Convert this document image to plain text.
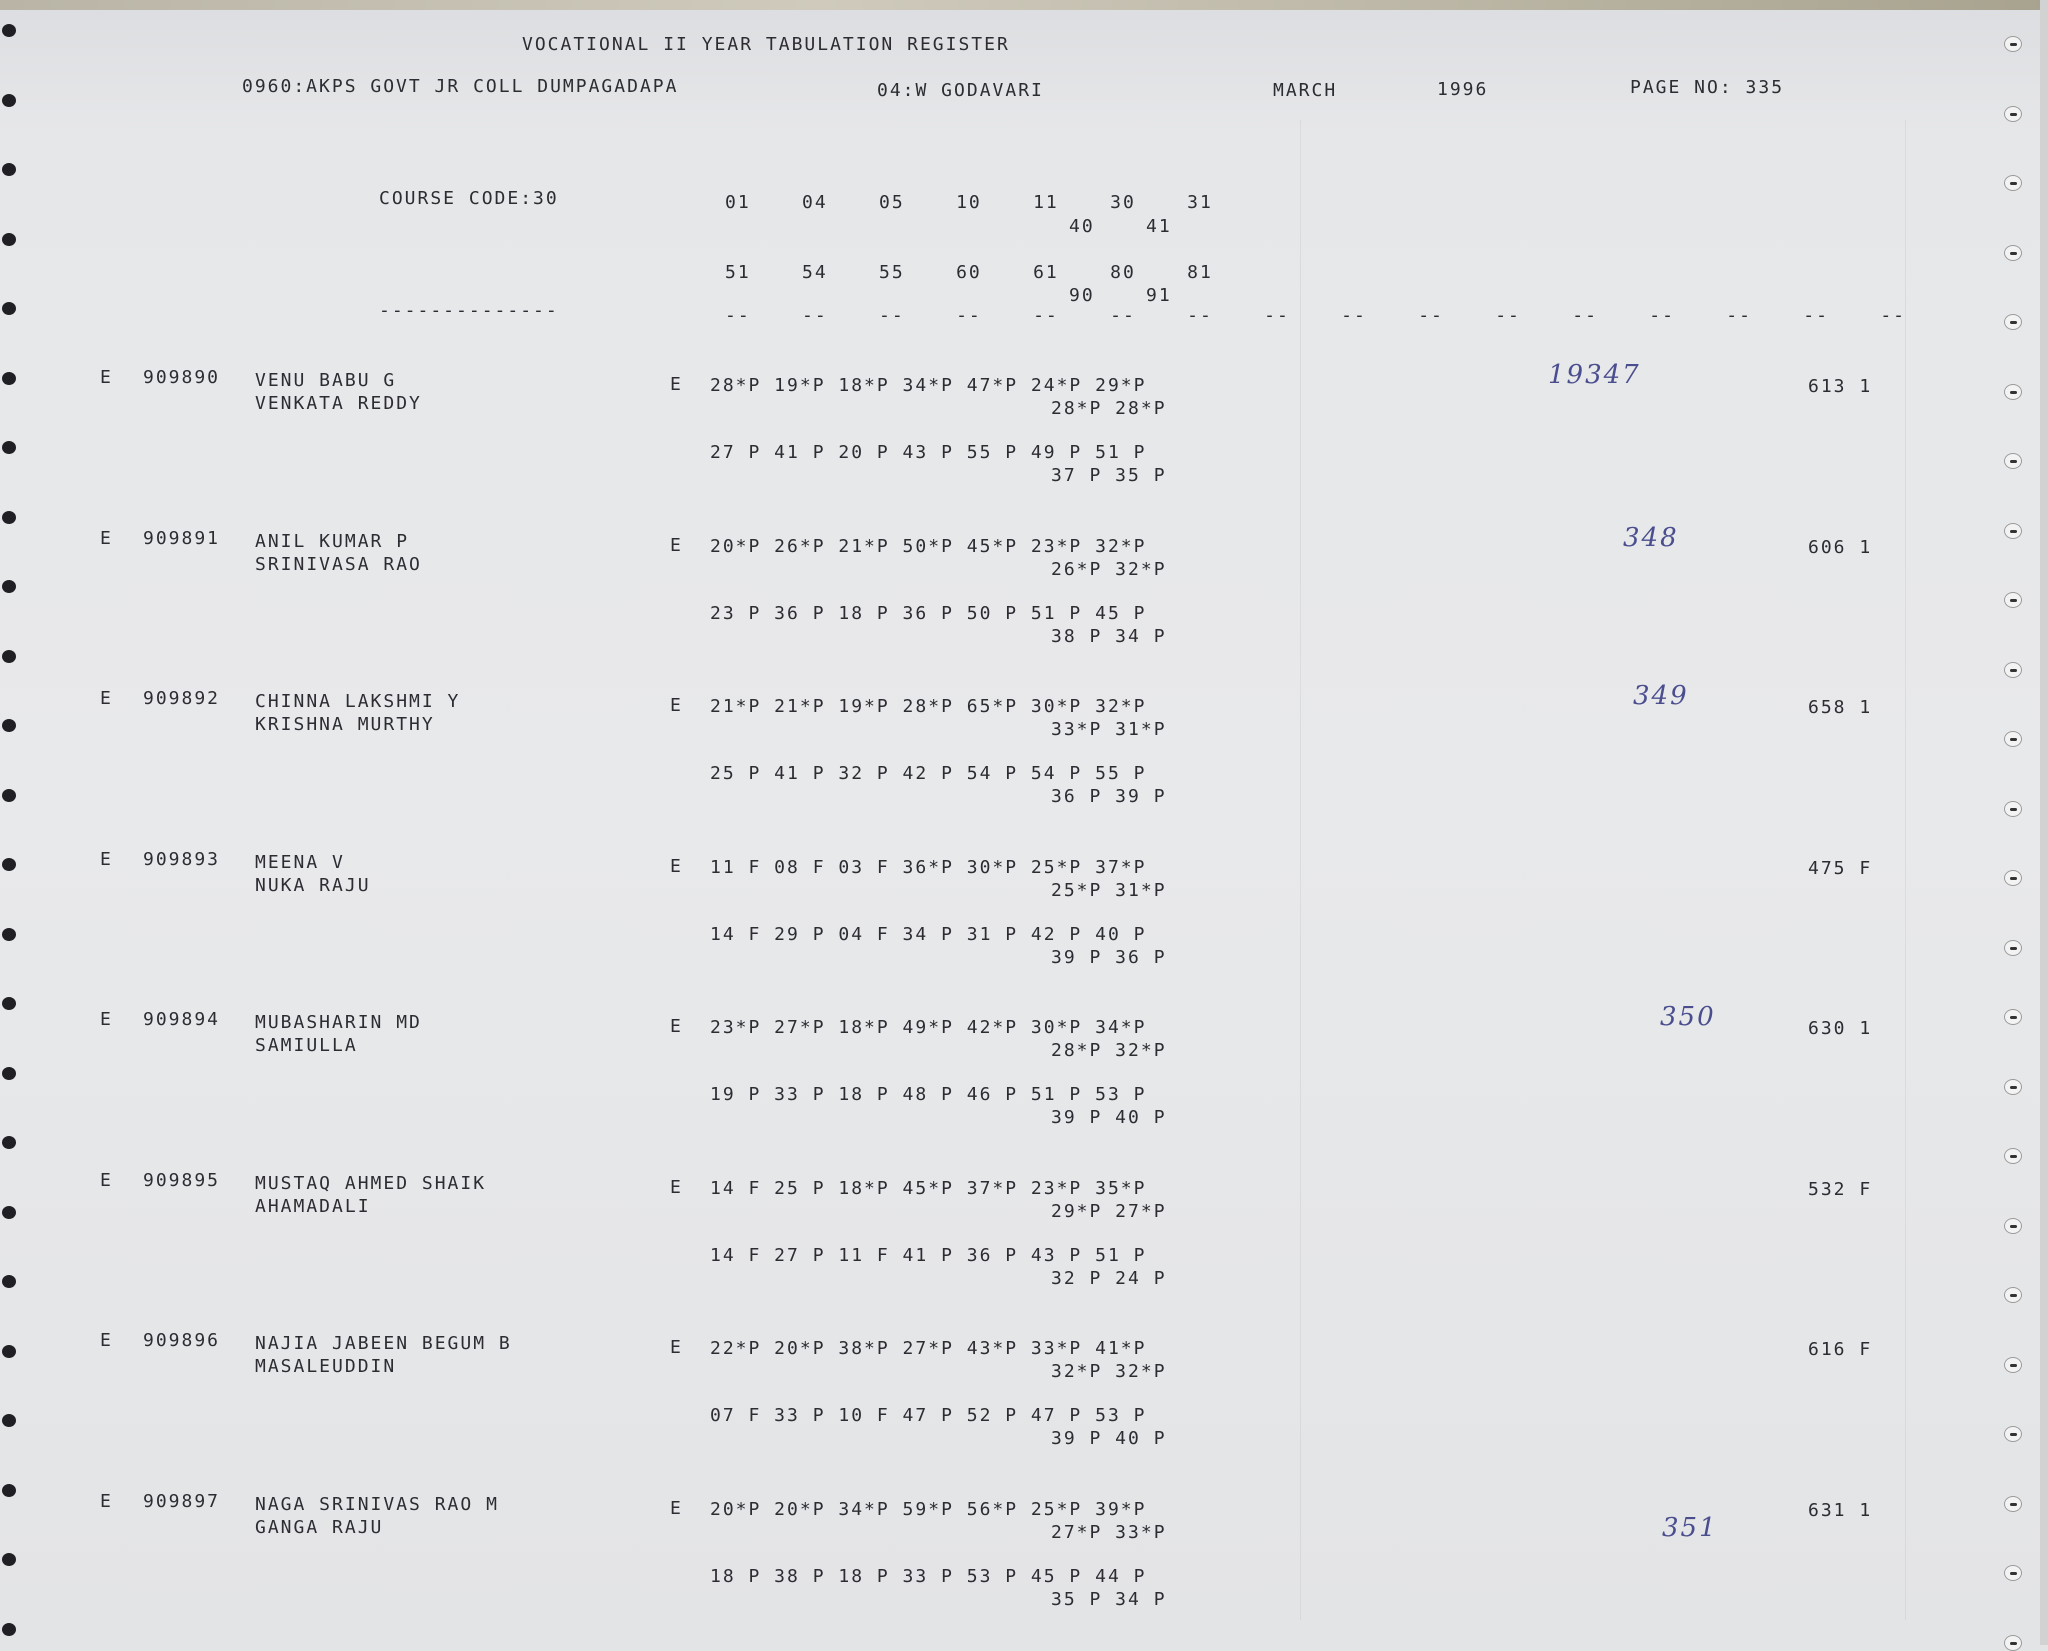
VOCATIONAL II YEAR TABULATION REGISTER
0960:AKPS GOVT JR COLL DUMPAGADAPA	04:W GODAVARI	MARCH	1996	PAGE NO: 335
COURSE CODE:30	01    04    05    10    11    30    31
40    41
51    54    55    60    61    80    81
90    91
--------------	--    --    --    --    --    --    --    --    --    --    --    --    --    --    --    --
E 909890 VENU BABU G
VENKATA REDDY
E 28*P 19*P 18*P 34*P 47*P 24*P 29*P
28*P 28*P
27 P 41 P 20 P 43 P 55 P 49 P 51 P
37 P 35 P
613 1
19347
E 909891 ANIL KUMAR P
SRINIVASA RAO
E 20*P 26*P 21*P 50*P 45*P 23*P 32*P
26*P 32*P
23 P 36 P 18 P 36 P 50 P 51 P 45 P
38 P 34 P
606 1
348
E 909892 CHINNA LAKSHMI Y
KRISHNA MURTHY
E 21*P 21*P 19*P 28*P 65*P 30*P 32*P
33*P 31*P
25 P 41 P 32 P 42 P 54 P 54 P 55 P
36 P 39 P
658 1
349
E 909893 MEENA V
NUKA RAJU
E 11 F 08 F 03 F 36*P 30*P 25*P 37*P
25*P 31*P
14 F 29 P 04 F 34 P 31 P 42 P 40 P
39 P 36 P
475 F
E 909894 MUBASHARIN MD
SAMIULLA
E 23*P 27*P 18*P 49*P 42*P 30*P 34*P
28*P 32*P
19 P 33 P 18 P 48 P 46 P 51 P 53 P
39 P 40 P
630 1
350
E 909895 MUSTAQ AHMED SHAIK
AHAMADALI
E 14 F 25 P 18*P 45*P 37*P 23*P 35*P
29*P 27*P
14 F 27 P 11 F 41 P 36 P 43 P 51 P
32 P 24 P
532 F
E 909896 NAJIA JABEEN BEGUM B
MASALEUDDIN
E 22*P 20*P 38*P 27*P 43*P 33*P 41*P
32*P 32*P
07 F 33 P 10 F 47 P 52 P 47 P 53 P
39 P 40 P
616 F
E 909897 NAGA SRINIVAS RAO M
GANGA RAJU
E 20*P 20*P 34*P 59*P 56*P 25*P 39*P
27*P 33*P
18 P 38 P 18 P 33 P 53 P 45 P 44 P
35 P 34 P
631 1
351
